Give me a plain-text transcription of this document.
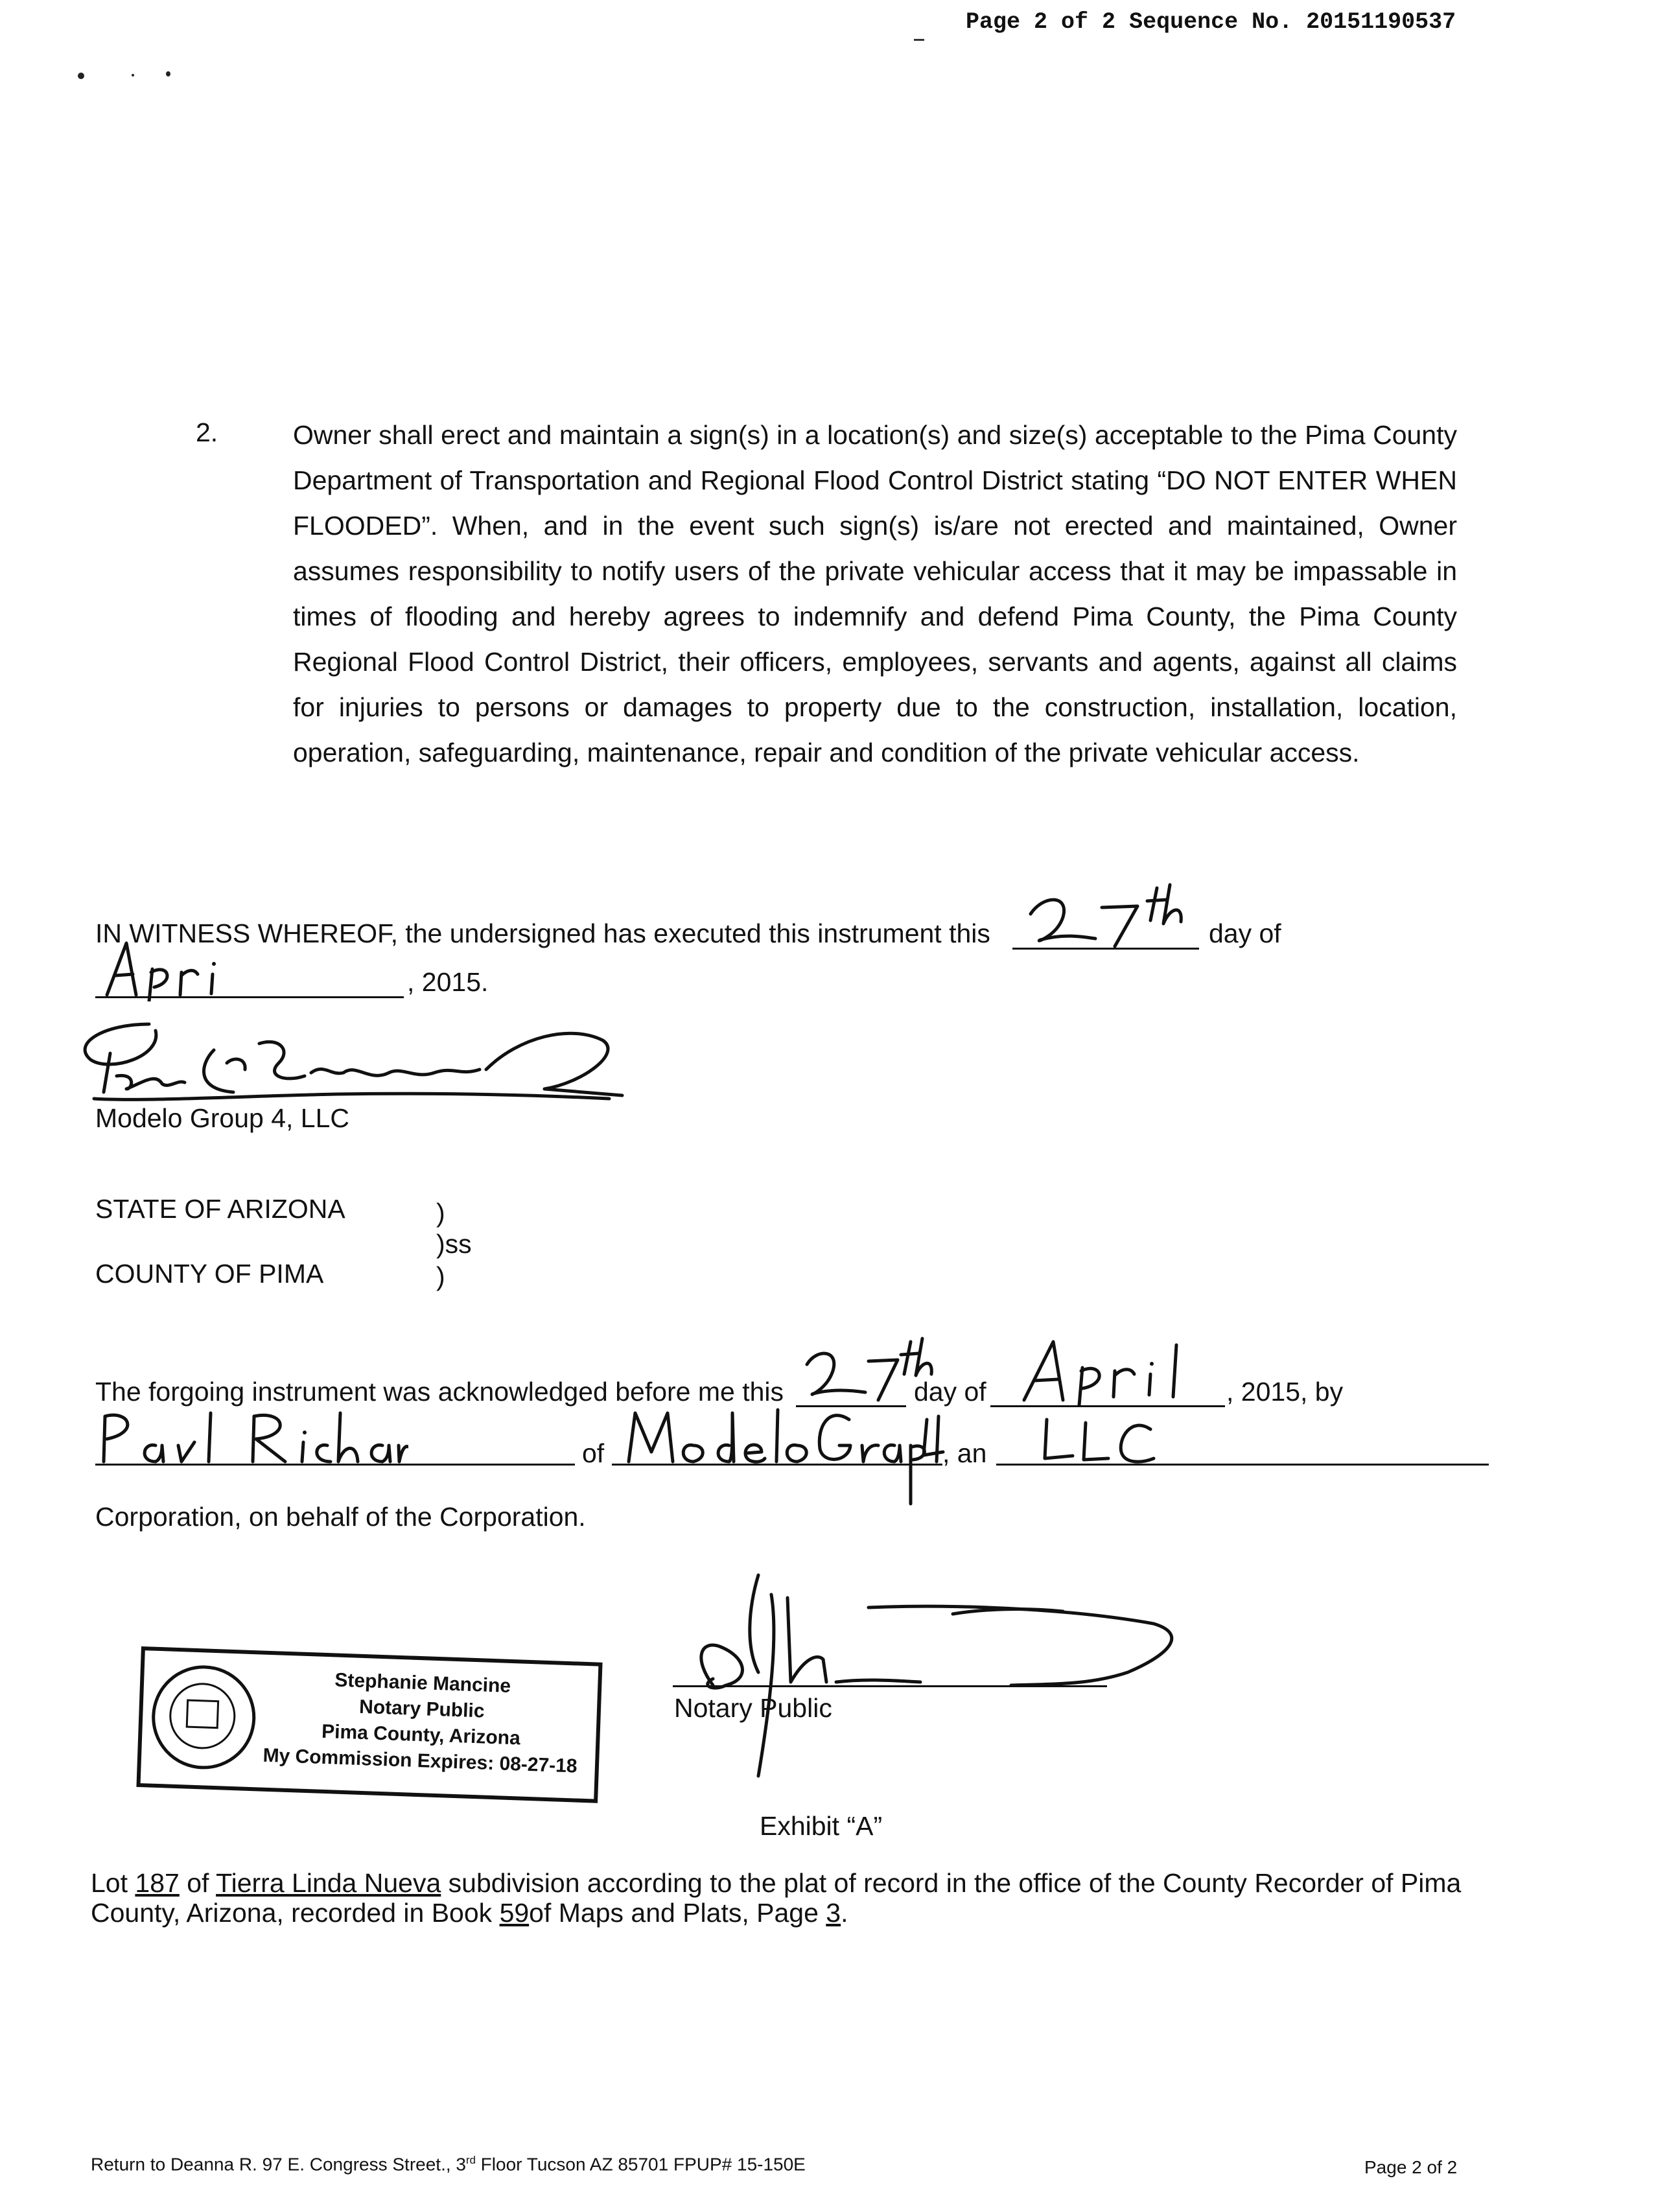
Page 2 of 2 Sequence No. 20151190537
2.	Owner shall erect and maintain a sign(s) in a location(s) and size(s) acceptable to the Pima County Department of Transportation and Regional Flood Control District stating “DO NOT ENTER WHEN FLOODED”. When, and in the event such sign(s) is/are not erected and maintained, Owner assumes responsibility to notify users of the private vehicular access that it may be impassable in times of flooding and hereby agrees to indemnify and defend Pima County, the Pima County Regional Flood Control District, their officers, employees, servants and agents, against all claims for injuries to persons or damages to property due to the construction, installation, location, operation, safeguarding, maintenance, repair and condition of the private vehicular access.
IN WITNESS WHEREOF, the undersigned has executed this instrument this	day of
, 2015.
Modelo Group 4, LLC
STATE OF ARIZONA	)
)ss
COUNTY OF PIMA	)
The forgoing instrument was acknowledged before me this	day of	, 2015, by
of	, an
Corporation, on behalf of the Corporation.
Stephanie Mancine
Notary Public
Pima County, Arizona
My Commission Expires: 08-27-18
Notary Public
Exhibit “A”
Lot 187 of Tierra Linda Nueva subdivision according to the plat of record in the office of the County Recorder of Pima
County, Arizona, recorded in Book 59of Maps and Plats, Page 3.
Return to Deanna R. 97 E. Congress Street., 3rd Floor Tucson AZ 85701 FPUP# 15-150E	Page 2 of 2
